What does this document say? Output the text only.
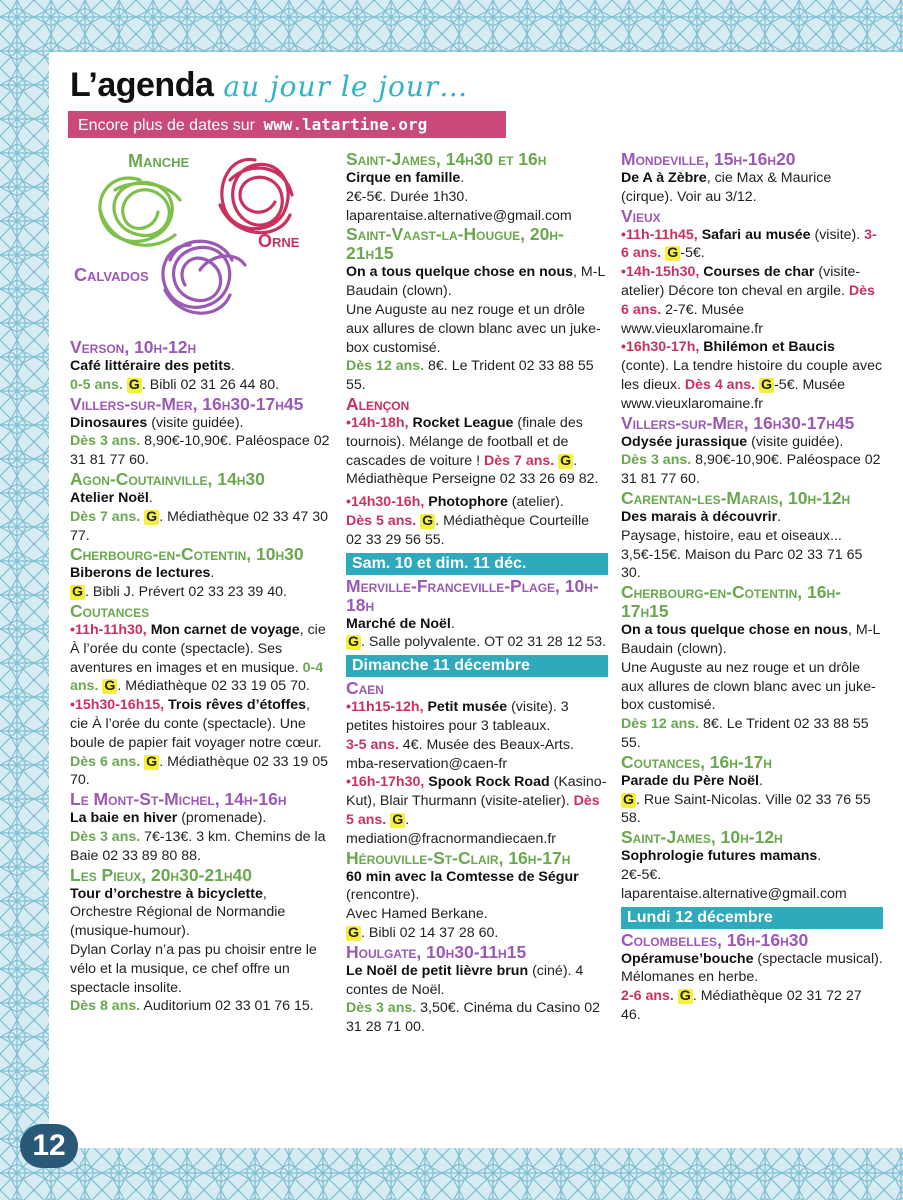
L’agenda au jour le jour…
Encore plus de dates sur www.latartine.org
Manche
Orne
Calvados

Verson, 10h-12h

Café littéraire des petits.

0-5 ans. G . Bibli 02 31 26 44 80.

Villers-sur-Mer, 16h30-17h45

Dinosaures (visite guidée).

Dès 3 ans. 8,90€-10,90€. Paléospace 02 31 81 77 60.

Agon-Coutainville, 14h30

Atelier Noël.

Dès 7 ans. G . Médiathèque 02 33 47 30 77.

Cherbourg-en-Cotentin, 10h30

Biberons de lectures.

G . Bibli J. Prévert 02 33 23 39 40.

Coutances

•11h-11h30, Mon carnet de voyage, cie À l’orée du conte (spectacle). Ses aventures en images et en musique. 0-4 ans. G . Médiathèque 02 33 19 05 70.

•15h30-16h15, Trois rêves d’étoffes, cie À l’orée du conte (spectacle). Une boule de papier fait voyager notre cœur. Dès 6 ans. G . Médiathèque 02 33 19 05 70.

Le Mont-St-Michel, 14h-16h

La baie en hiver (promenade).

Dès 3 ans. 7€-13€. 3 km. Chemins de la Baie 02 33 89 80 88.

Les Pieux, 20h30-21h40

Tour d’orchestre à bicyclette, Orchestre Régional de Normandie (musique-humour).

Dylan Corlay n’a pas pu choisir entre le vélo et la musique, ce chef offre un spectacle insolite.

Dès 8 ans. Auditorium 02 33 01 76 15.

Saint-James, 14h30 et 16h

Cirque en famille.

2€-5€. Durée 1h30. laparentaise.alternative@gmail.com

Saint-Vaast-la-Hougue, 20h-21h15

On a tous quelque chose en nous, M-L Baudain (clown).

Une Auguste au nez rouge et un drôle aux allures de clown blanc avec un juke-box customisé.

Dès 12 ans. 8€. Le Trident 02 33 88 55 55.

Alençon

•14h-18h, Rocket League (finale des tournois). Mélange de football et de cascades de voiture ! Dès 7 ans. G . Médiathèque Perseigne 02 33 26 69 82.

•14h30-16h, Photophore (atelier).

Dès 5 ans. G . Médiathèque Courteille 02 33 29 56 55.

Sam. 10 et dim. 11 déc.

Merville-Franceville-Plage, 10h-18h

Marché de Noël.

G . Salle polyvalente. OT 02 31 28 12 53.

Dimanche 11 décembre

Caen

•11h15-12h, Petit musée (visite). 3 petites histoires pour 3 tableaux.

3-5 ans. 4€. Musée des Beaux-Arts. mba-reservation@caen-fr

•16h-17h30, Spook Rock Road (Kasino-Kut), Blair Thurmann (visite-atelier). Dès 5 ans. G . mediation@fracnormandiecaen.fr

Hérouville-St-Clair, 16h-17h

60 min avec la Comtesse de Ségur (rencontre).

Avec Hamed Berkane.

G . Bibli 02 14 37 28 60.

Houlgate, 10h30-11h15

Le Noël de petit lièvre brun (ciné). 4 contes de Noël.

Dès 3 ans. 3,50€. Cinéma du Casino 02 31 28 71 00.

Mondeville, 15h-16h20

De A à Zèbre, cie Max & Maurice (cirque). Voir au 3/12.

Vieux

•11h-11h45, Safari au musée (visite). 3-6 ans. G -5€.

•14h-15h30, Courses de char (visite-atelier) Décore ton cheval en argile. Dès 6 ans. 2-7€. Musée www.vieuxlaromaine.fr

•16h30-17h, Bhilémon et Baucis (conte). La tendre histoire du couple avec les dieux. Dès 4 ans. G -5€. Musée www.vieuxlaromaine.fr

Villers-sur-Mer, 16h30-17h45

Odysée jurassique (visite guidée).

Dès 3 ans. 8,90€-10,90€. Paléospace 02 31 81 77 60.

Carentan-les-Marais, 10h-12h

Des marais à découvrir.

Paysage, histoire, eau et oiseaux... 3,5€-15€. Maison du Parc 02 33 71 65 30.

Cherbourg-en-Cotentin, 16h-17h15

On a tous quelque chose en nous, M-L Baudain (clown).

Une Auguste au nez rouge et un drôle aux allures de clown blanc avec un juke-box customisé.

Dès 12 ans. 8€. Le Trident 02 33 88 55 55.

Coutances, 16h-17h

Parade du Père Noël.

G . Rue Saint-Nicolas. Ville 02 33 76 55 58.

Saint-James, 10h-12h

Sophrologie futures mamans.

2€-5€. laparentaise.alternative@gmail.com

Lundi 12 décembre

Colombelles, 16h-16h30

Opéramuse’bouche (spectacle musical).

Mélomanes en herbe.

2-6 ans. G . Médiathèque 02 31 72 27 46.

12
